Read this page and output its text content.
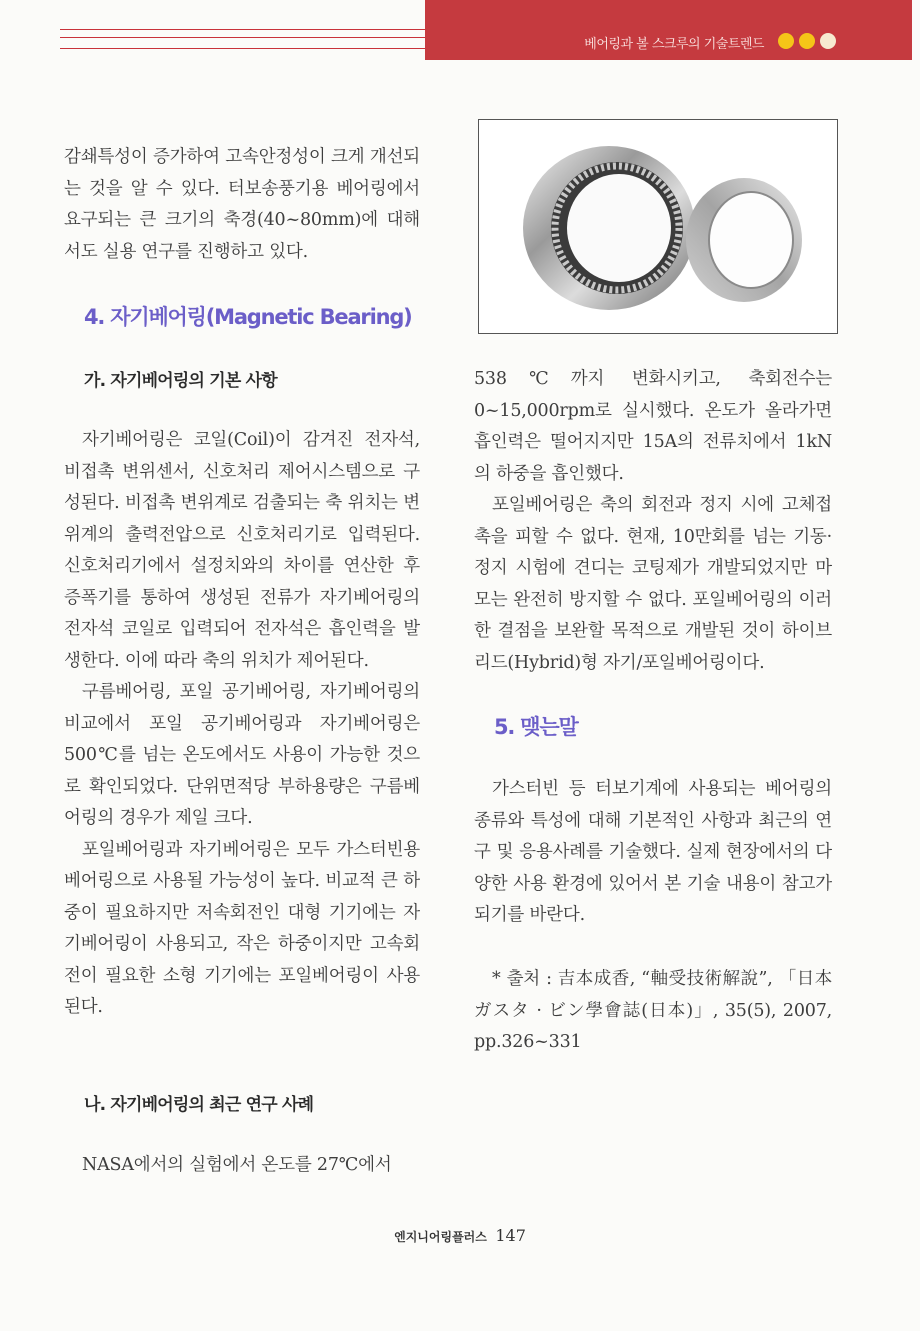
베어링과 볼 스크루의 기술트렌드

감쇄특성이 증가하여 고속안정성이 크게 개선되는 것을 알 수 있다. 터보송풍기용 베어링에서 요구되는 큰 크기의 축경(40~80mm)에 대해서도 실용 연구를 진행하고 있다.

4. 자기베어링(Magnetic Bearing)
가. 자기베어링의 기본 사항

자기베어링은 코일(Coil)이 감겨진 전자석, 비접촉 변위센서, 신호처리 제어시스템으로 구성된다. 비접촉 변위계로 검출되는 축 위치는 변위계의 출력전압으로 신호처리기로 입력된다. 신호처리기에서 설정치와의 차이를 연산한 후 증폭기를 통하여 생성된 전류가 자기베어링의 전자석 코일로 입력되어 전자석은 흡인력을 발생한다. 이에 따라 축의 위치가 제어된다.

구름베어링, 포일 공기베어링, 자기베어링의 비교에서 포일 공기베어링과 자기베어링은 500℃를 넘는 온도에서도 사용이 가능한 것으로 확인되었다. 단위면적당 부하용량은 구름베어링의 경우가 제일 크다.

포일베어링과 자기베어링은 모두 가스터빈용 베어링으로 사용될 가능성이 높다. 비교적 큰 하중이 필요하지만 저속회전인 대형 기기에는 자기베어링이 사용되고, 작은 하중이지만 고속회전이 필요한 소형 기기에는 포일베어링이 사용된다.

나. 자기베어링의 최근 연구 사례

NASA에서의 실험에서 온도를 27℃에서

538℃까지 변화시키고, 축회전수는 0~15,000rpm로 실시했다. 온도가 올라가면 흡인력은 떨어지지만 15A의 전류치에서 1kN의 하중을 흡인했다.

포일베어링은 축의 회전과 정지 시에 고체접촉을 피할 수 없다. 현재, 10만회를 넘는 기동·정지 시험에 견디는 코팅제가 개발되었지만 마모는 완전히 방지할 수 없다. 포일베어링의 이러한 결점을 보완할 목적으로 개발된 것이 하이브리드(Hybrid)형 자기/포일베어링이다.

5. 맺는말

가스터빈 등 터보기계에 사용되는 베어링의 종류와 특성에 대해 기본적인 사항과 최근의 연구 및 응용사례를 기술했다. 실제 현장에서의 다양한 사용 환경에 있어서 본 기술 내용이 참고가 되기를 바란다.

* 출처 : 吉本成香, “軸受技術解說”, 「日本ガスタ · ビン學會誌(日本)」, 35(5), 2007, pp.326~331

엔지니어링플러스 147
